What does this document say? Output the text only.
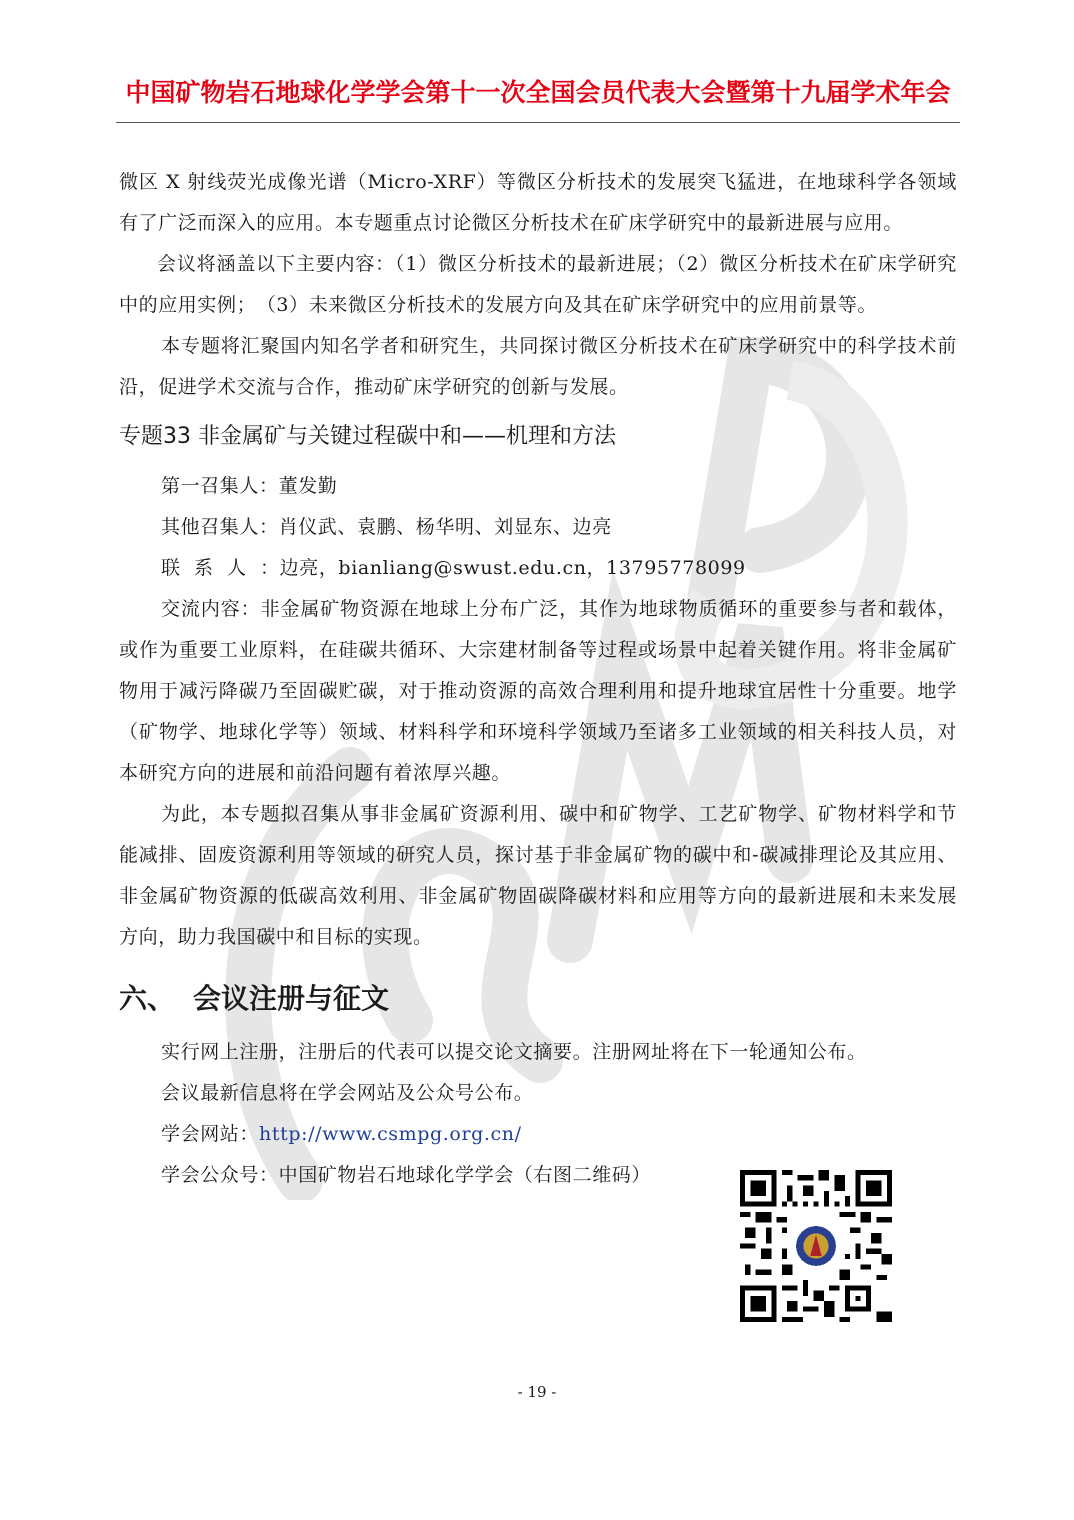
中国矿物岩石地球化学学会第十一次全国会员代表大会暨第十九届学术年会

微区 X 射线荧光成像光谱（Micro-XRF）等微区分析技术的发展突飞猛进，在地球科学各领域有了广泛而深入的应用。本专题重点讨论微区分析技术在矿床学研究中的最新进展与应用。

会议将涵盖以下主要内容：（1）微区分析技术的最新进展；（2）微区分析技术在矿床学研究中的应用实例；　（3）未来微区分析技术的发展方向及其在矿床学研究中的应用前景等。

本专题将汇聚国内知名学者和研究生，共同探讨微区分析技术在矿床学研究中的科学技术前沿，促进学术交流与合作，推动矿床学研究的创新与发展。

专题33 非金属矿与关键过程碳中和——机理和方法
第一召集人：董发勤
其他召集人：肖仪武、袁鹏、杨华明、刘显东、边亮
联系人：边亮，bianliang@swust.edu.cn，13795778099

交流内容：非金属矿物资源在地球上分布广泛，其作为地球物质循环的重要参与者和载体，或作为重要工业原料，在硅碳共循环、大宗建材制备等过程或场景中起着关键作用。将非金属矿物用于减污降碳乃至固碳贮碳，对于推动资源的高效合理利用和提升地球宜居性十分重要。地学（矿物学、地球化学等）领域、材料科学和环境科学领域乃至诸多工业领域的相关科技人员，对本研究方向的进展和前沿问题有着浓厚兴趣。

为此，本专题拟召集从事非金属矿资源利用、碳中和矿物学、工艺矿物学、矿物材料学和节能减排、固废资源利用等领域的研究人员，探讨基于非金属矿物的碳中和-碳减排理论及其应用、非金属矿物资源的低碳高效利用、非金属矿物固碳降碳材料和应用等方向的最新进展和未来发展方向，助力我国碳中和目标的实现。

六、 会议注册与征文
实行网上注册，注册后的代表可以提交论文摘要。注册网址将在下一轮通知公布。
会议最新信息将在学会网站及公众号公布。
学会网站：http://www.csmpg.org.cn/
学会公众号：中国矿物岩石地球化学学会（右图二维码）
- 19 -
